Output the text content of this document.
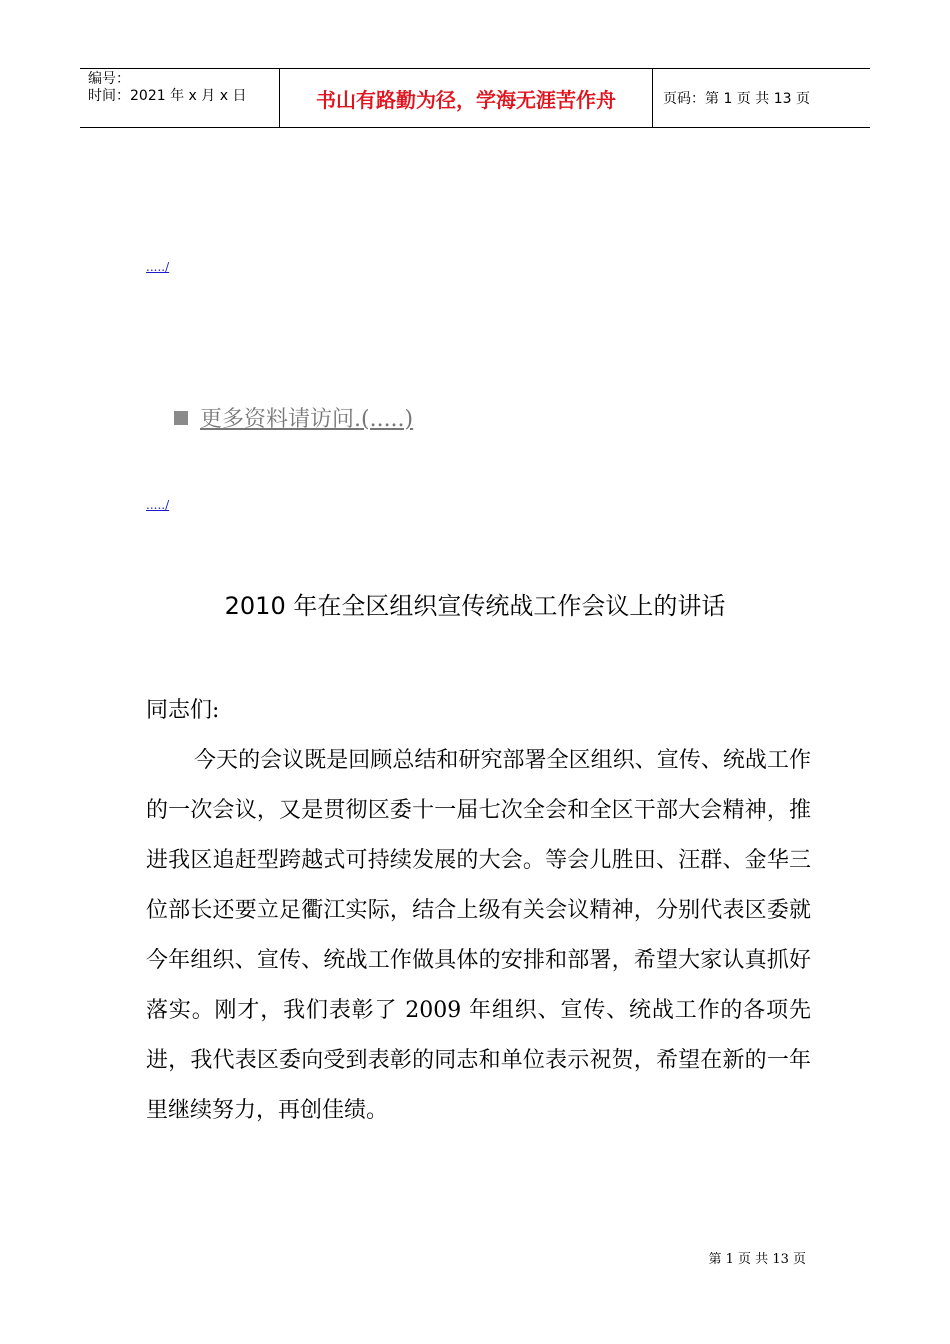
编号：
时间：2021 年 x 月 x 日	书山有路勤为径，学海无涯苦作舟	页码：第 1 页 共 13 页
...../
更多资料请访问.(.....)
...../
2010 年在全区组织宣传统战工作会议上的讲话

同志们:

今天的会议既是回顾总结和研究部署全区组织、宣传、统战工作的一次会议，又是贯彻区委十一届七次全会和全区干部大会精神，推进我区追赶型跨越式可持续发展的大会。等会儿胜田、汪群、金华三位部长还要立足衢江实际，结合上级有关会议精神，分别代表区委就今年组织、宣传、统战工作做具体的安排和部署，希望大家认真抓好落实。刚才，我们表彰了 2009 年组织、宣传、统战工作的各项先进，我代表区委向受到表彰的同志和单位表示祝贺，希望在新的一年里继续努力，再创佳绩。

第 1 页 共 13 页
